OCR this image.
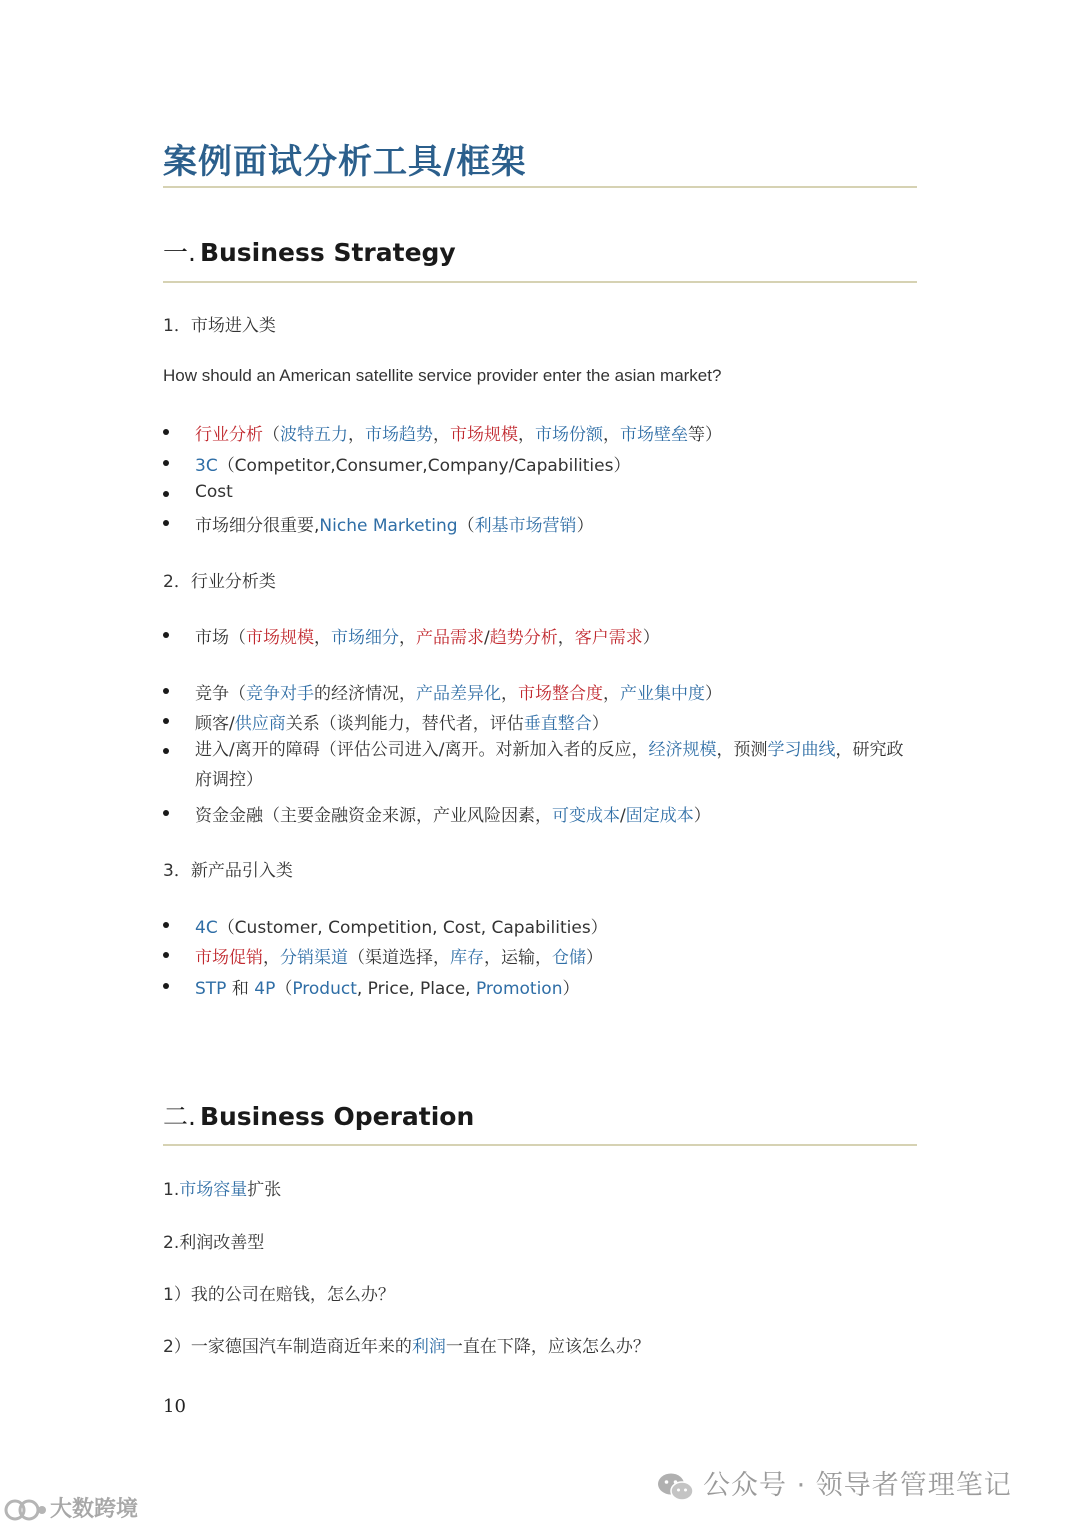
案例面试分析工具/框架
一. Business Strategy
1．市场进入类
How should an American satellite service provider enter the asian market?
行业分析（波特五力，市场趋势，市场规模，市场份额，市场壁垒等）
3C（Competitor,Consumer,Company/Capabilities）
Cost
市场细分很重要,Niche Marketing（利基市场营销）
2．行业分析类
市场（市场规模，市场细分，产品需求/趋势分析，客户需求）
竞争（竞争对手的经济情况，产品差异化，市场整合度，产业集中度）
顾客/供应商关系（谈判能力，替代者，评估垂直整合）
进入/离开的障碍（评估公司进入/离开。对新加入者的反应，经济规模，预测学习曲线，研究政府调控）
资金金融（主要金融资金来源，产业风险因素，可变成本/固定成本）
3．新产品引入类
4C（Customer, Competition, Cost, Capabilities）
市场促销，分销渠道（渠道选择，库存，运输，仓储）
STP 和 4P（Product, Price, Place, Promotion）
二. Business Operation
1.市场容量扩张
2.利润改善型
1）我的公司在赔钱，怎么办？
2）一家德国汽车制造商近年来的利润一直在下降，应该怎么办？
10
公众号 · 领导者管理笔记
大数跨境
